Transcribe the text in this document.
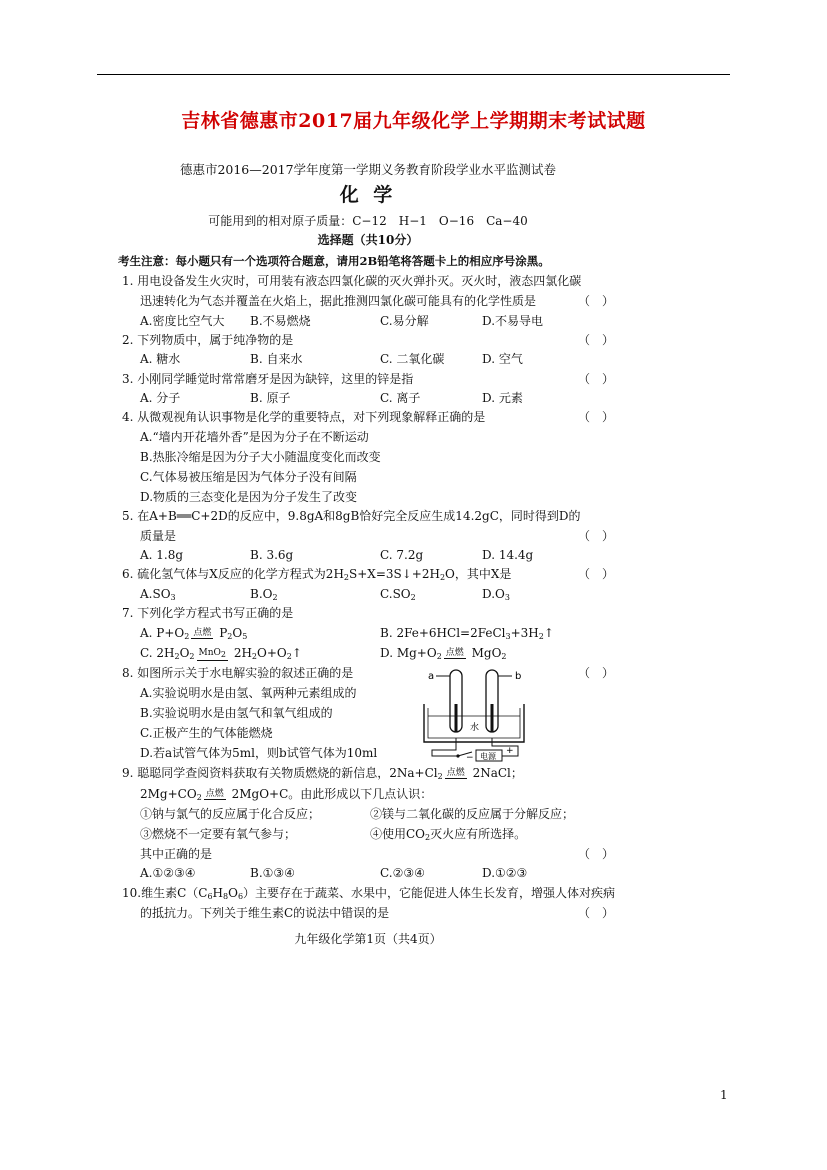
吉林省德惠市2017届九年级化学上学期期末考试试题
德惠市2016—2017学年度第一学期义务教育阶段学业水平监测试卷
化 学
可能用到的相对原子质量：C−12　H−1　O−16　Ca−40
选择题（共10分）
考生注意：每小题只有一个选项符合题意，请用2B铅笔将答题卡上的相应序号涂黑。
1. 用电设备发生火灾时，可用装有液态四氯化碳的灭火弹扑灭。灭火时，液态四氯化碳
迅速转化为气态并覆盖在火焰上，据此推测四氯化碳可能具有的化学性质是	（　）
A.密度比空气大 B.不易燃烧	C.易分解	D.不易导电
2. 下列物质中，属于纯净物的是	（　）
A. 糖水	B. 自来水	C. 二氧化碳	D. 空气
3. 小刚同学睡觉时常常磨牙是因为缺锌，这里的锌是指	（　）
A. 分子	B. 原子	C. 离子	D. 元素
4. 从微观视角认识事物是化学的重要特点，对下列现象解释正确的是	（　）
A.“墙内开花墙外香”是因为分子在不断运动
B.热胀冷缩是因为分子大小随温度变化而改变
C.气体易被压缩是因为气体分子没有间隔
D.物质的三态变化是因为分子发生了改变
5. 在A+B══C+2D的反应中，9.8gA和8gB恰好完全反应生成14.2gC，同时得到D的
质量是	（　）
A. 1.8g	B. 3.6g	C. 7.2g	D. 14.4g
6. 硫化氢气体与X反应的化学方程式为$2H_2S+X=3S↓+2H_2O$，其中X是	（　）
$A.SO_3$	$B.O_2$	$C.SO_2$	$D.O_3$
7. 下列化学方程式书写正确的是
A. $P+O_2$ 点燃 $P_2O_5$	B. $2Fe+6HCl=2FeCl_3+3H_2↑$
C. $2H_2O_2$ MnO$_2$ $2H_2O+O_2↑$	D. $Mg+O_2$ 点燃 MgO$_2$
8. 如图所示关于水电解实验的叙述正确的是	（　）
A.实验说明水是由氢、氧两种元素组成的
B.实验说明水是由氢气和氧气组成的
C.正极产生的气体能燃烧
D.若a试管气体为5ml，则b试管气体为10ml
a	b
水
电源
−
+
9. 聪聪同学查阅资料获取有关物质燃烧的新信息，$2Na+Cl_2$ 点燃 2NaCl；
$2Mg+CO_2$ 点燃 2MgO+C。由此形成以下几点认识：
①钠与氯气的反应属于化合反应；	②镁与二氧化碳的反应属于分解反应；
③燃烧不一定要有氧气参与；	④使用$CO_2$灭火应有所选择。
其中正确的是	（　）
A.①②③④	B.①③④	C.②③④	D.①②③
10.维生素$C(C_6H_8O_6)$主要存在于蔬菜、水果中，它能促进人体生长发育，增强人体对疾病
的抵抗力。下列关于维生素C的说法中错误的是	（　）
九年级化学第1页（共4页）
1
